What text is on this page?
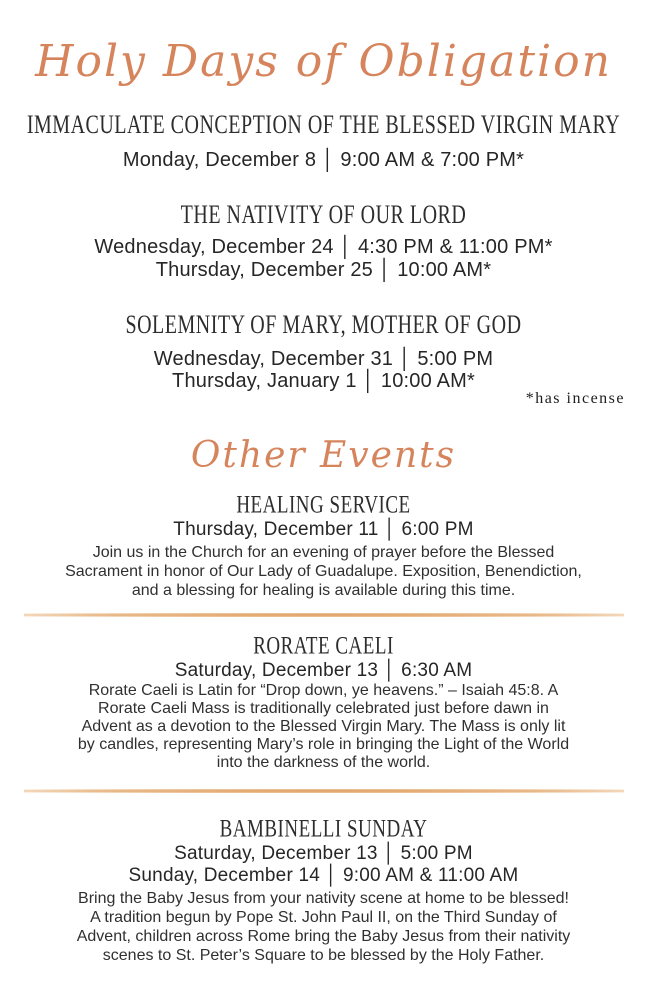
Holy Days of Obligation
IMMACULATE CONCEPTION OF THE BLESSED VIRGIN MARY
Monday, December 8 │ 9:00 AM & 7:00 PM*
THE NATIVITY OF OUR LORD
Wednesday, December 24 │ 4:30 PM & 11:00 PM*
Thursday, December 25 │ 10:00 AM*
SOLEMNITY OF MARY, MOTHER OF GOD
Wednesday, December 31 │ 5:00 PM
Thursday, January 1 │ 10:00 AM*
*has incense
Other Events
HEALING SERVICE
Thursday, December 11 │ 6:00 PM
Join us in the Church for an evening of prayer before the Blessed
Sacrament in honor of Our Lady of Guadalupe. Exposition, Benendiction,
and a blessing for healing is available during this time.
RORATE CAELI
Saturday, December 13 │ 6:30 AM
Rorate Caeli is Latin for “Drop down, ye heavens.” – Isaiah 45:8. A
Rorate Caeli Mass is traditionally celebrated just before dawn in
Advent as a devotion to the Blessed Virgin Mary. The Mass is only lit
by candles, representing Mary’s role in bringing the Light of the World
into the darkness of the world.
BAMBINELLI SUNDAY
Saturday, December 13 │ 5:00 PM
Sunday, December 14 │ 9:00 AM & 11:00 AM
Bring the Baby Jesus from your nativity scene at home to be blessed!
A tradition begun by Pope St. John Paul II, on the Third Sunday of
Advent, children across Rome bring the Baby Jesus from their nativity
scenes to St. Peter’s Square to be blessed by the Holy Father.
